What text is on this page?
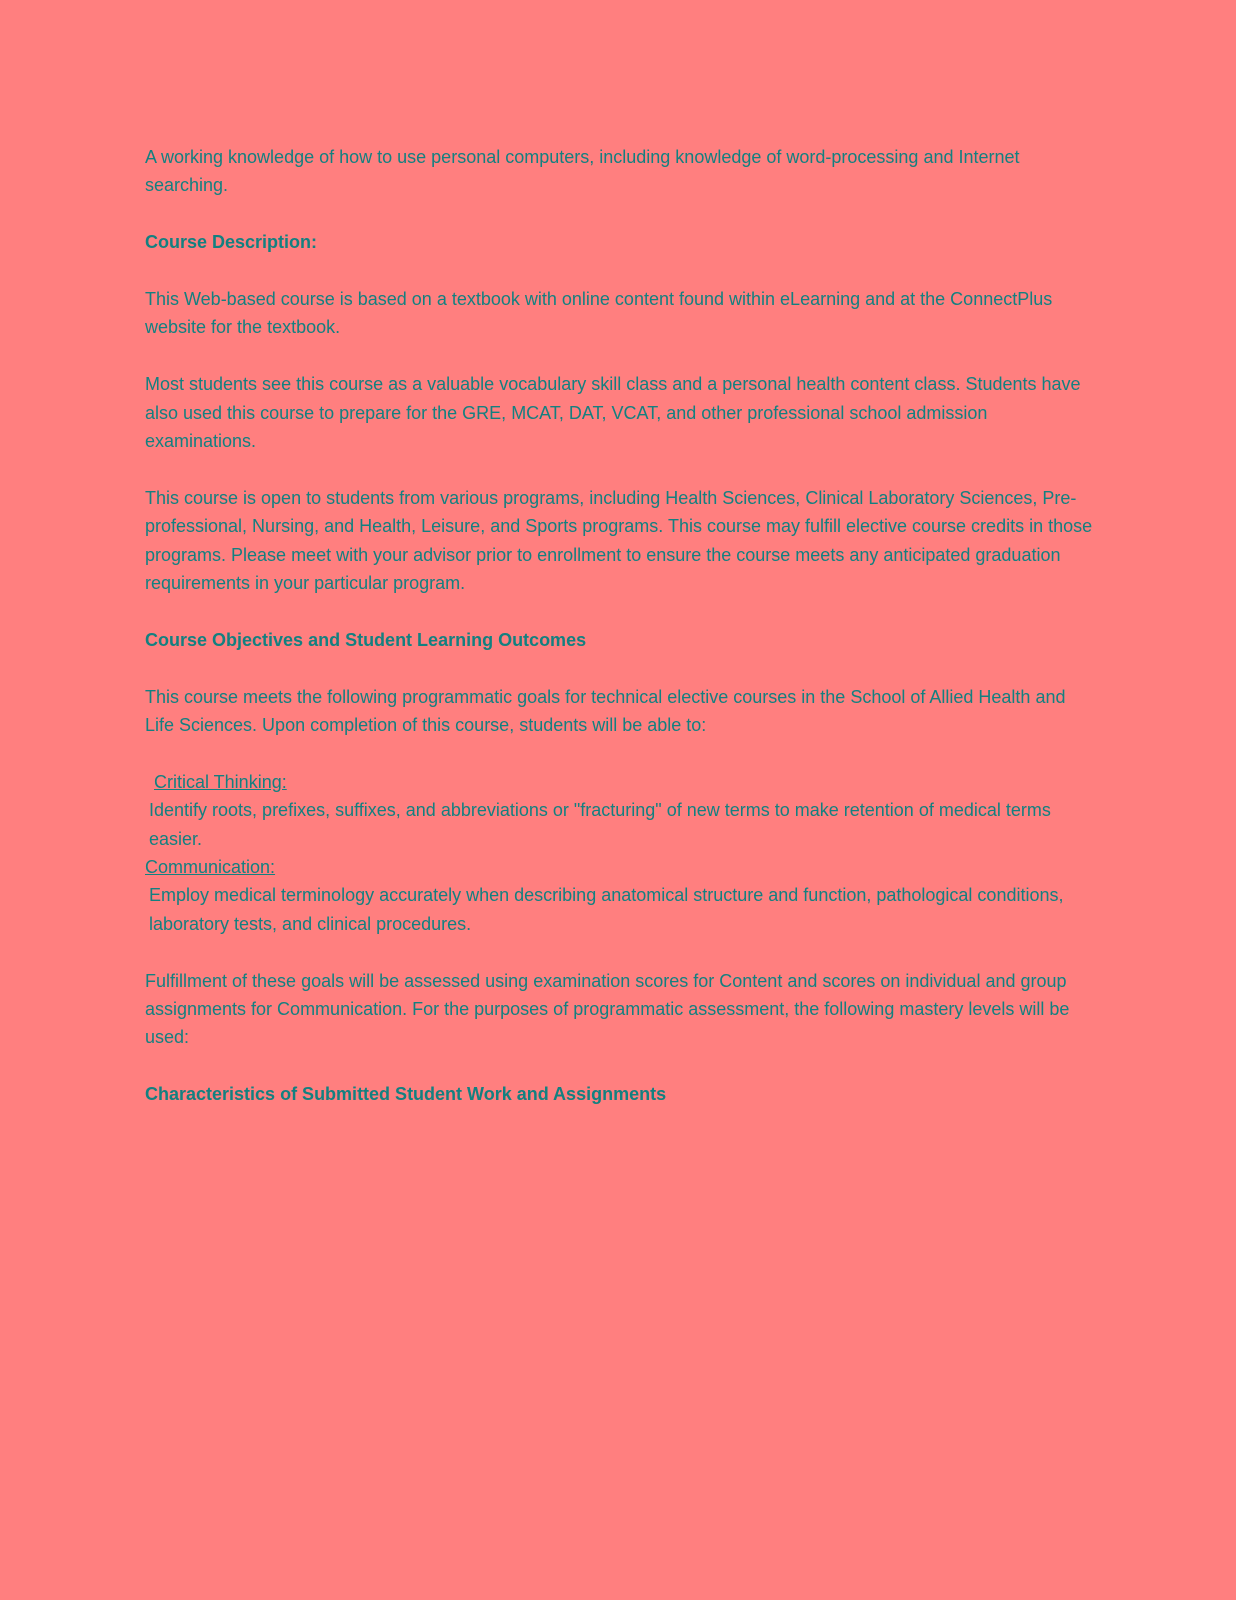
A working knowledge of how to use personal computers, including knowledge of word-processing and Internet searching.

Course Description:

This Web-based course is based on a textbook with online content found within eLearning and at the ConnectPlus website for the textbook.

Most students see this course as a valuable vocabulary skill class and a personal health content class. Students have also used this course to prepare for the GRE, MCAT, DAT, VCAT, and other professional school admission examinations.

This course is open to students from various programs, including Health Sciences, Clinical Laboratory Sciences, Pre-professional, Nursing, and Health, Leisure, and Sports programs. This course may fulfill elective course credits in those programs. Please meet with your advisor prior to enrollment to ensure the course meets any anticipated graduation requirements in your particular program.

Course Objectives and Student Learning Outcomes

This course meets the following programmatic goals for technical elective courses in the School of Allied Health and Life Sciences. Upon completion of this course, students will be able to:

Critical Thinking:

Identify roots, prefixes, suffixes, and abbreviations or "fracturing" of new terms to make retention of medical terms easier.

Communication:

Employ medical terminology accurately when describing anatomical structure and function, pathological conditions, laboratory tests, and clinical procedures.

Fulfillment of these goals will be assessed using examination scores for Content and scores on individual and group assignments for Communication. For the purposes of programmatic assessment, the following mastery levels will be used:

Characteristics of Submitted Student Work and Assignments
